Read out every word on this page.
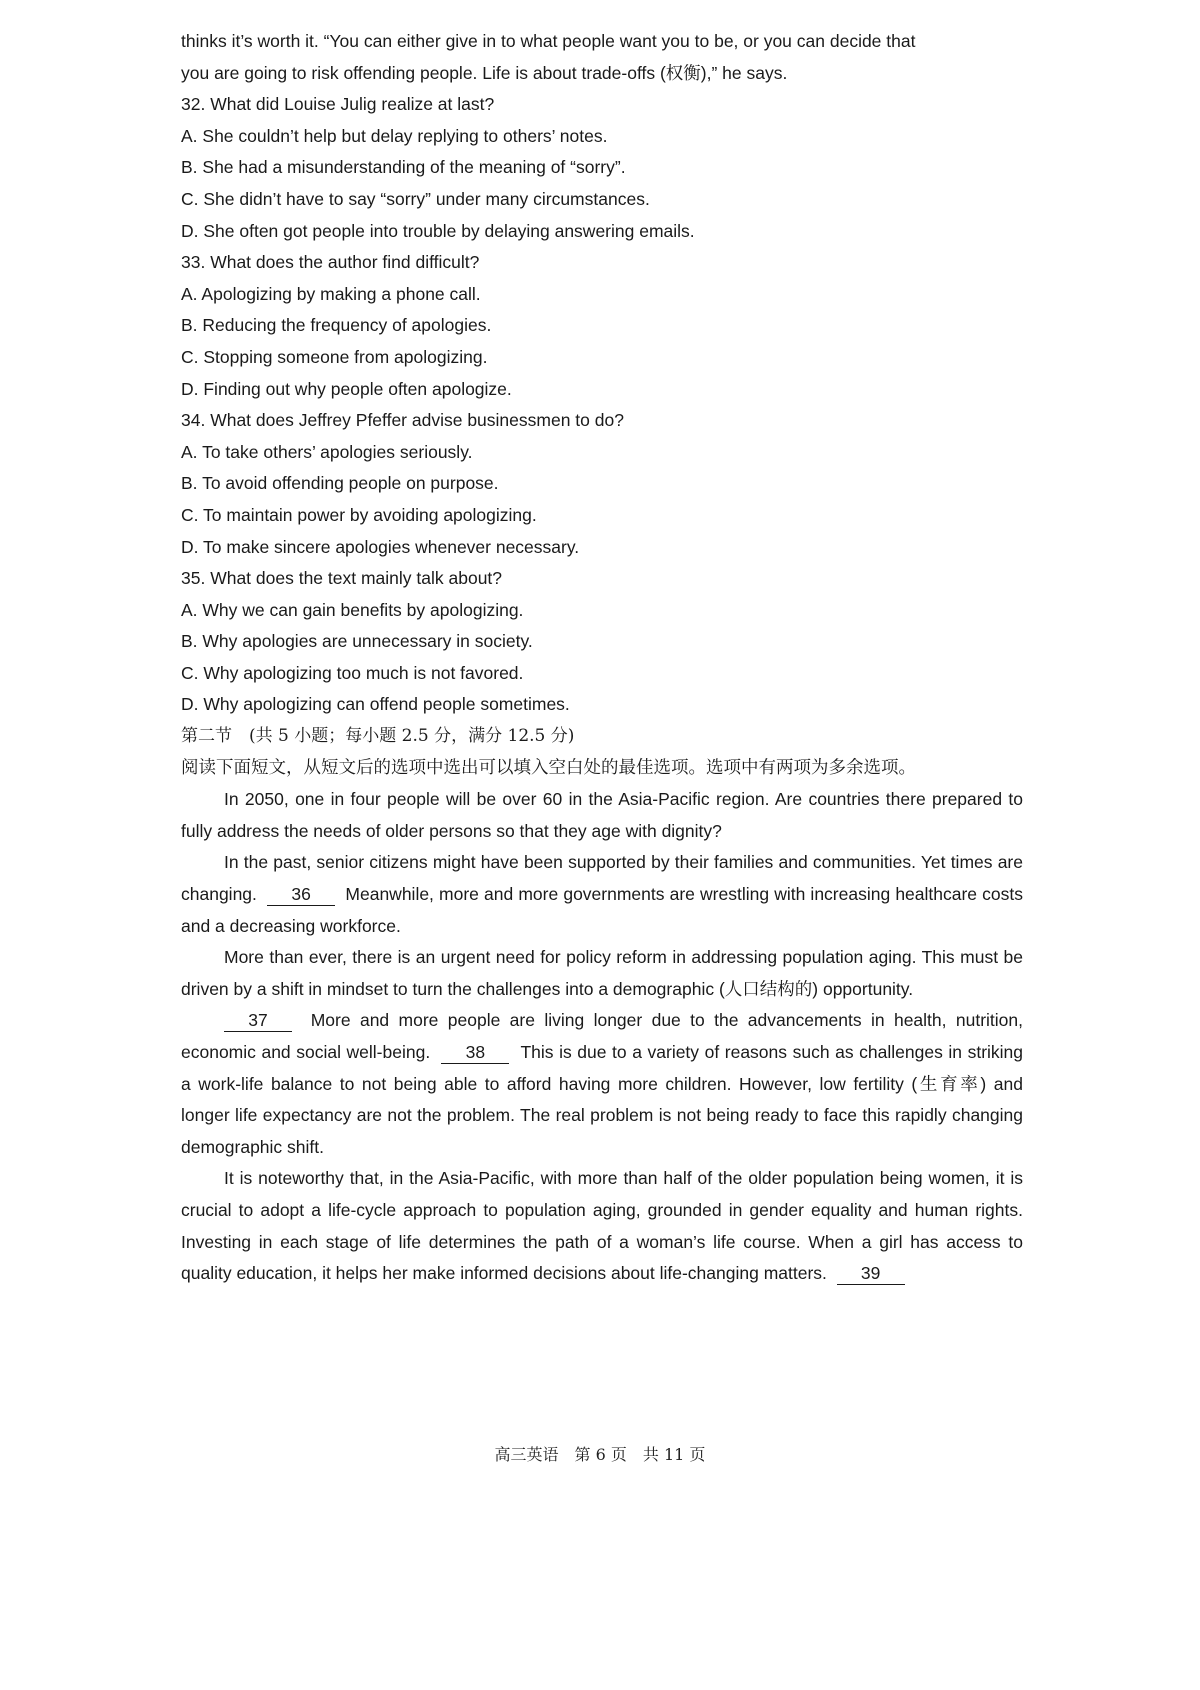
thinks it’s worth it. “You can either give in to what people want you to be, or you can decide that
you are going to risk offending people. Life is about trade-offs (权衡),” he says.
32. What did Louise Julig realize at last?
A. She couldn’t help but delay replying to others’ notes.
B. She had a misunderstanding of the meaning of “sorry”.
C. She didn’t have to say “sorry” under many circumstances.
D. She often got people into trouble by delaying answering emails.
33. What does the author find difficult?
A. Apologizing by making a phone call.
B. Reducing the frequency of apologies.
C. Stopping someone from apologizing.
D. Finding out why people often apologize.
34. What does Jeffrey Pfeffer advise businessmen to do?
A. To take others’ apologies seriously.
B. To avoid offending people on purpose.
C. To maintain power by avoiding apologizing.
D. To make sincere apologies whenever necessary.
35. What does the text mainly talk about?
A. Why we can gain benefits by apologizing.
B. Why apologies are unnecessary in society.
C. Why apologizing too much is not favored.
D. Why apologizing can offend people sometimes.
第二节　(共 5 小题；每小题 2.5 分，满分 12.5 分)

阅读下面短文，从短文后的选项中选出可以填入空白处的最佳选项。选项中有两项为多余选项。

In 2050, one in four people will be over 60 in the Asia-Pacific region. Are countries there prepared to fully address the needs of older persons so that they age with dignity?

In the past, senior citizens might have been supported by their families and communities. Yet times are changing. 36 Meanwhile, more and more governments are wrestling with increasing healthcare costs and a decreasing workforce.

More than ever, there is an urgent need for policy reform in addressing population aging. This must be driven by a shift in mindset to turn the challenges into a demographic (人口结构的) opportunity.

37 More and more people are living longer due to the advancements in health, nutrition, economic and social well-being. 38 This is due to a variety of reasons such as challenges in striking a work-life balance to not being able to afford having more children. However, low fertility (生育率) and longer life expectancy are not the problem. The real problem is not being ready to face this rapidly changing demographic shift.

It is noteworthy that, in the Asia-Pacific, with more than half of the older population being women, it is crucial to adopt a life-cycle approach to population aging, grounded in gender equality and human rights. Investing in each stage of life determines the path of a woman’s life course. When a girl has access to quality education, it helps her make informed decisions about life-changing matters. 39

高三英语　第 6 页　共 11 页
